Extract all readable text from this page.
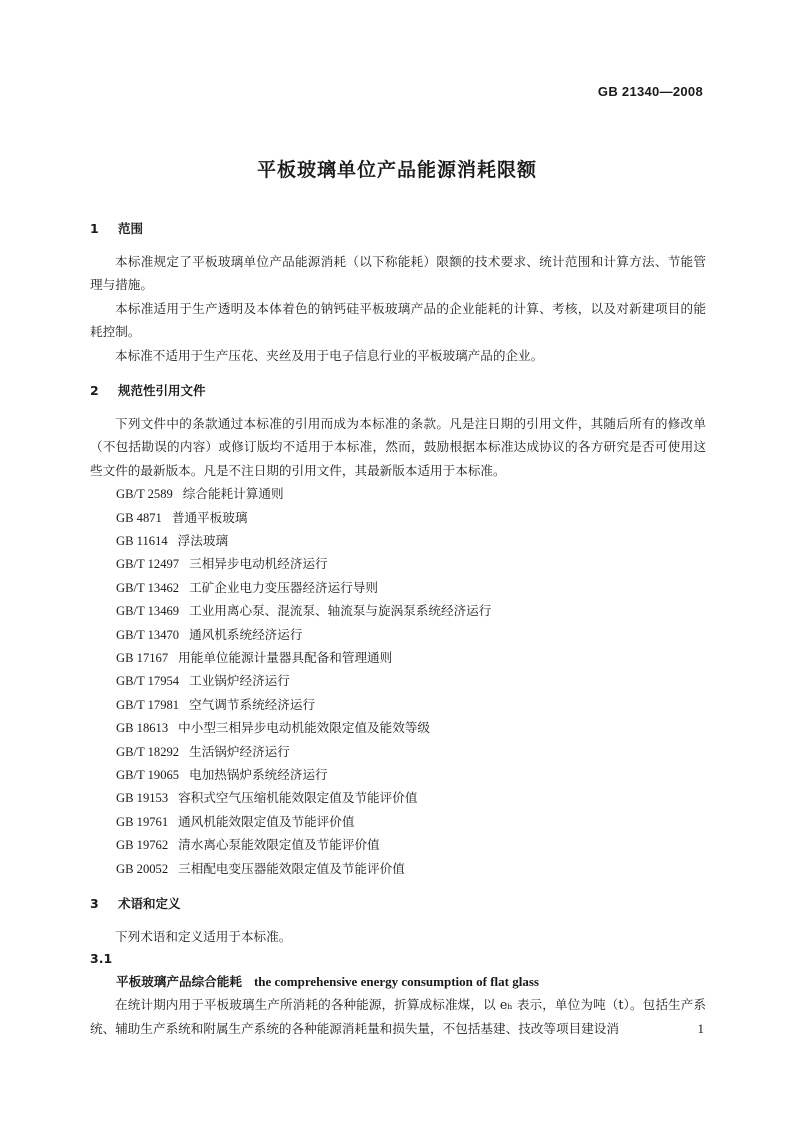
GB 21340—2008
平板玻璃单位产品能源消耗限额
1 范围

本标准规定了平板玻璃单位产品能源消耗（以下称能耗）限额的技术要求、统计范围和计算方法、节能管理与措施。

本标准适用于生产透明及本体着色的钠钙硅平板玻璃产品的企业能耗的计算、考核，以及对新建项目的能耗控制。

本标准不适用于生产压花、夹丝及用于电子信息行业的平板玻璃产品的企业。

2 规范性引用文件

下列文件中的条款通过本标准的引用而成为本标准的条款。凡是注日期的引用文件，其随后所有的修改单（不包括勘误的内容）或修订版均不适用于本标准，然而，鼓励根据本标准达成协议的各方研究是否可使用这些文件的最新版本。凡是不注日期的引用文件，其最新版本适用于本标准。

GB/T 2589 综合能耗计算通则
GB 4871 普通平板玻璃
GB 11614 浮法玻璃
GB/T 12497 三相异步电动机经济运行
GB/T 13462 工矿企业电力变压器经济运行导则
GB/T 13469 工业用离心泵、混流泵、轴流泵与旋涡泵系统经济运行
GB/T 13470 通风机系统经济运行
GB 17167 用能单位能源计量器具配备和管理通则
GB/T 17954 工业锅炉经济运行
GB/T 17981 空气调节系统经济运行
GB 18613 中小型三相异步电动机能效限定值及能效等级
GB/T 18292 生活锅炉经济运行
GB/T 19065 电加热锅炉系统经济运行
GB 19153 容积式空气压缩机能效限定值及节能评价值
GB 19761 通风机能效限定值及节能评价值
GB 19762 清水离心泵能效限定值及节能评价值
GB 20052 三相配电变压器能效限定值及节能评价值
3 术语和定义

下列术语和定义适用于本标准。

3.1
平板玻璃产品综合能耗 the comprehensive energy consumption of flat glass

在统计期内用于平板玻璃生产所消耗的各种能源，折算成标准煤，以 eₕ 表示，单位为吨（t）。包括生产系统、辅助生产系统和附属生产系统的各种能源消耗量和损失量，不包括基建、技改等项目建设消	1
